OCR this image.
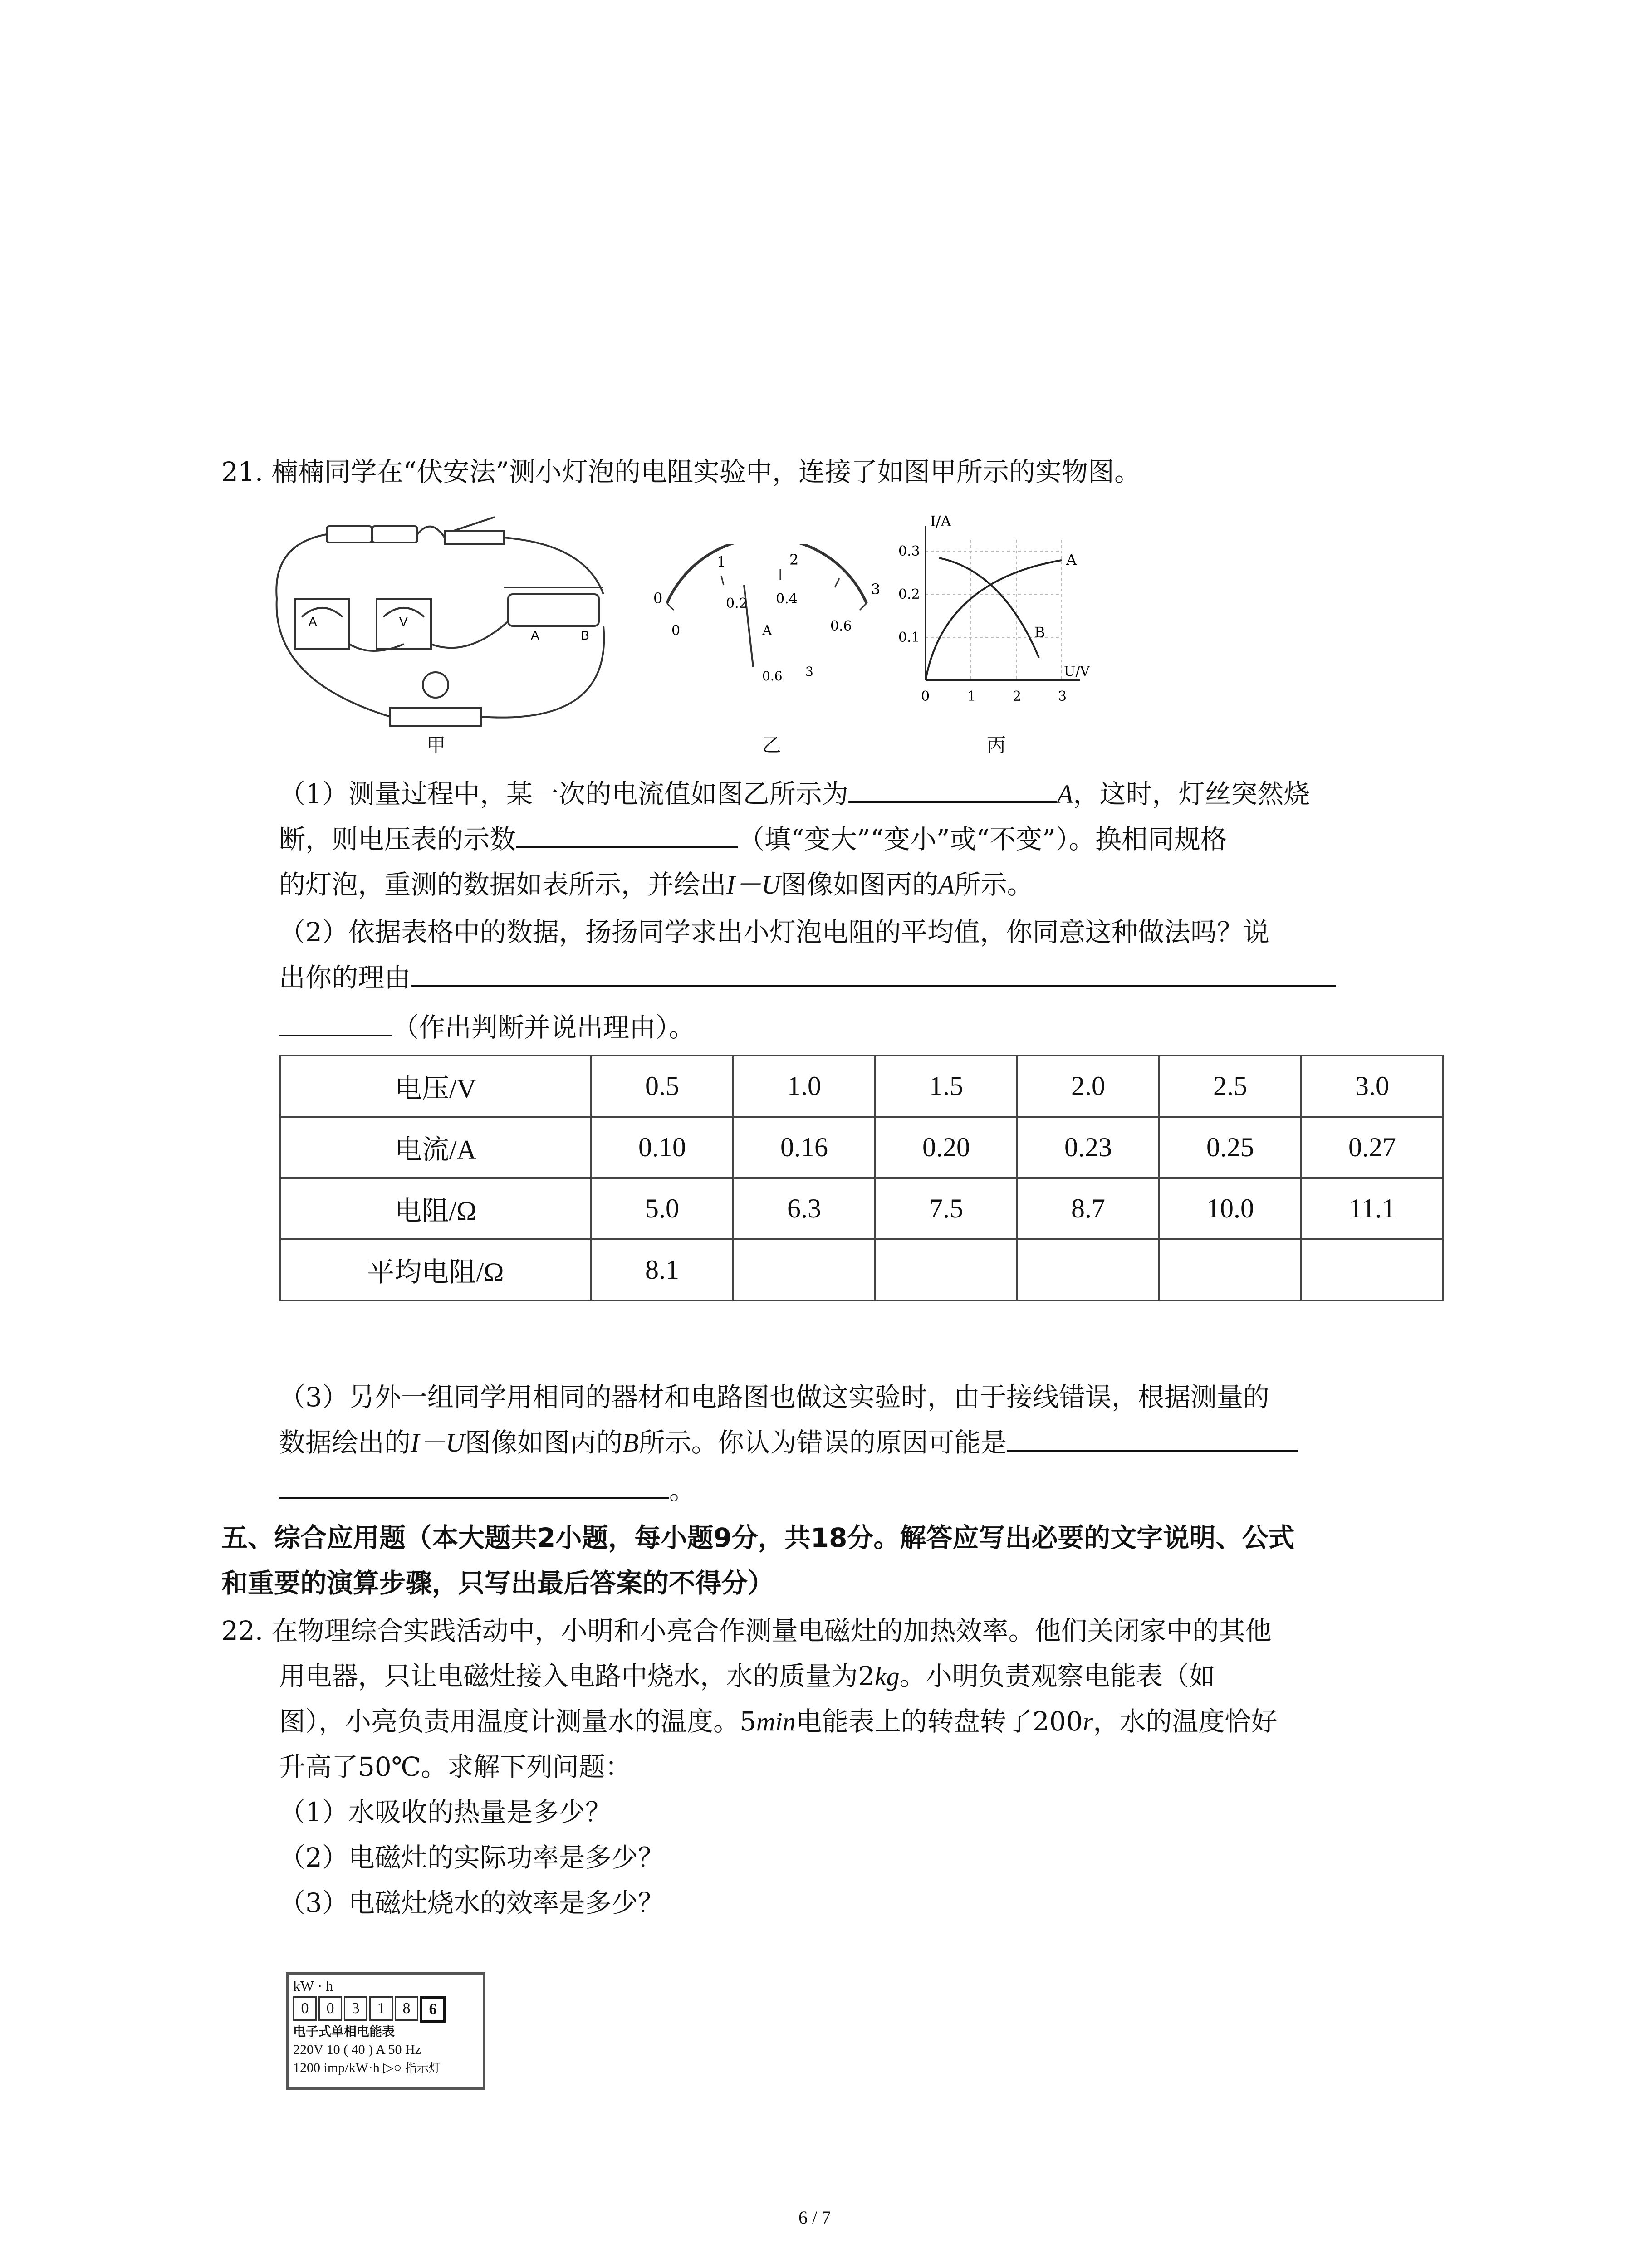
21. 楠楠同学在“伏安法”测小灯泡的电阻实验中，连接了如图甲所示的实物图。
A	V
A	B
甲
0
1	2
3
0
0.2 0.4
0.6
A
0.6 3
乙
I/A
U/V
0.3
0.2
0.1
0	1	2	3
A
B
丙
（1）测量过程中，某一次的电流值如图乙所示为	A，这时，灯丝突然烧
断，则电压表的示数	（填“变大”“变小”或“不变”）。换相同规格
的灯泡，重测的数据如表所示，并绘出I－U图像如图丙的A所示。
（2）依据表格中的数据，扬扬同学求出小灯泡电阻的平均值，你同意这种做法吗？说
出你的理由
（作出判断并说出理由）。
电压/V	0.5	1.0	1.5	2.0	2.5	3.0
电流/A	0.10	0.16	0.20	0.23	0.25	0.27
电阻/Ω	5.0	6.3	7.5	8.7	10.0	11.1
平均电阻/Ω	8.1					
（3）另外一组同学用相同的器材和电路图也做这实验时，由于接线错误，根据测量的
数据绘出的I－U图像如图丙的B所示。你认为错误的原因可能是
。
五、综合应用题（本大题共2小题，每小题9分，共18分。解答应写出必要的文字说明、公式
和重要的演算步骤，只写出最后答案的不得分）
22. 在物理综合实践活动中，小明和小亮合作测量电磁灶的加热效率。他们关闭家中的其他
用电器，只让电磁灶接入电路中烧水，水的质量为2kg。小明负责观察电能表（如
图），小亮负责用温度计测量水的温度。5min电能表上的转盘转了200r，水的温度恰好
升高了50℃。求解下列问题：
（1）水吸收的热量是多少？
（2）电磁灶的实际功率是多少？
（3）电磁灶烧水的效率是多少？
kW · h
0	0	3	1	8	6
电子式单相电能表
220V 10 ( 40 ) A 50 Hz
1200 imp/kW·h ▷○ 指示灯
6 / 7
